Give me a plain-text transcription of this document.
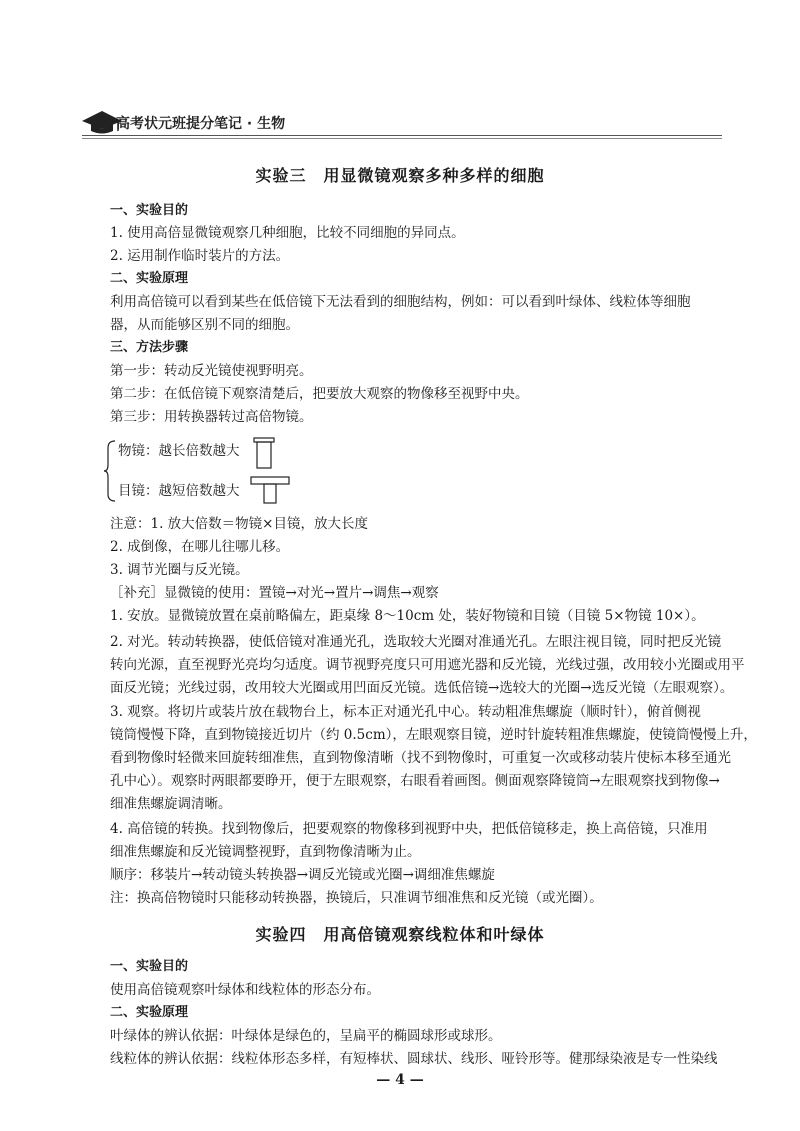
高考状元班提分笔记 · 生物
实验三　用显微镜观察多种多样的细胞
一、实验目的
1. 使用高倍显微镜观察几种细胞，比较不同细胞的异同点。
2. 运用制作临时装片的方法。
二、实验原理
利用高倍镜可以看到某些在低倍镜下无法看到的细胞结构，例如：可以看到叶绿体、线粒体等细胞
器，从而能够区别不同的细胞。
三、方法步骤
第一步：转动反光镜使视野明亮。
第二步：在低倍镜下观察清楚后，把要放大观察的物像移至视野中央。
第三步：用转换器转过高倍物镜。
物镜：越长倍数越大
目镜：越短倍数越大
注意：1. 放大倍数＝物镜×目镜，放大长度
2. 成倒像，在哪儿往哪儿移。
3. 调节光圈与反光镜。
［补充］显微镜的使用：置镜→对光→置片→调焦→观察
1. 安放。显微镜放置在桌前略偏左，距桌缘 8～10cm 处，装好物镜和目镜（目镜 5×物镜 10×）。
2. 对光。转动转换器，使低倍镜对准通光孔，选取较大光圈对准通光孔。左眼注视目镜，同时把反光镜
转向光源，直至视野光亮均匀适度。调节视野亮度只可用遮光器和反光镜，光线过强，改用较小光圈或用平
面反光镜；光线过弱，改用较大光圈或用凹面反光镜。选低倍镜→选较大的光圈→选反光镜（左眼观察）。
3. 观察。将切片或装片放在载物台上，标本正对通光孔中心。转动粗准焦螺旋（顺时针），俯首侧视
镜筒慢慢下降，直到物镜接近切片（约 0.5cm），左眼观察目镜，逆时针旋转粗准焦螺旋，使镜筒慢慢上升，
看到物像时轻微来回旋转细准焦，直到物像清晰（找不到物像时，可重复一次或移动装片使标本移至通光
孔中心）。观察时两眼都要睁开，便于左眼观察，右眼看着画图。侧面观察降镜筒→左眼观察找到物像→
细准焦螺旋调清晰。
4. 高倍镜的转换。找到物像后，把要观察的物像移到视野中央，把低倍镜移走，换上高倍镜，只准用
细准焦螺旋和反光镜调整视野，直到物像清晰为止。
顺序：移装片→转动镜头转换器→调反光镜或光圈→调细准焦螺旋
注：换高倍物镜时只能移动转换器，换镜后，只准调节细准焦和反光镜（或光圈）。
实验四　用高倍镜观察线粒体和叶绿体
一、实验目的
使用高倍镜观察叶绿体和线粒体的形态分布。
二、实验原理
叶绿体的辨认依据：叶绿体是绿色的，呈扁平的椭圆球形或球形。
线粒体的辨认依据：线粒体形态多样，有短棒状、圆球状、线形、哑铃形等。健那绿染液是专一性染线
— 4 —
